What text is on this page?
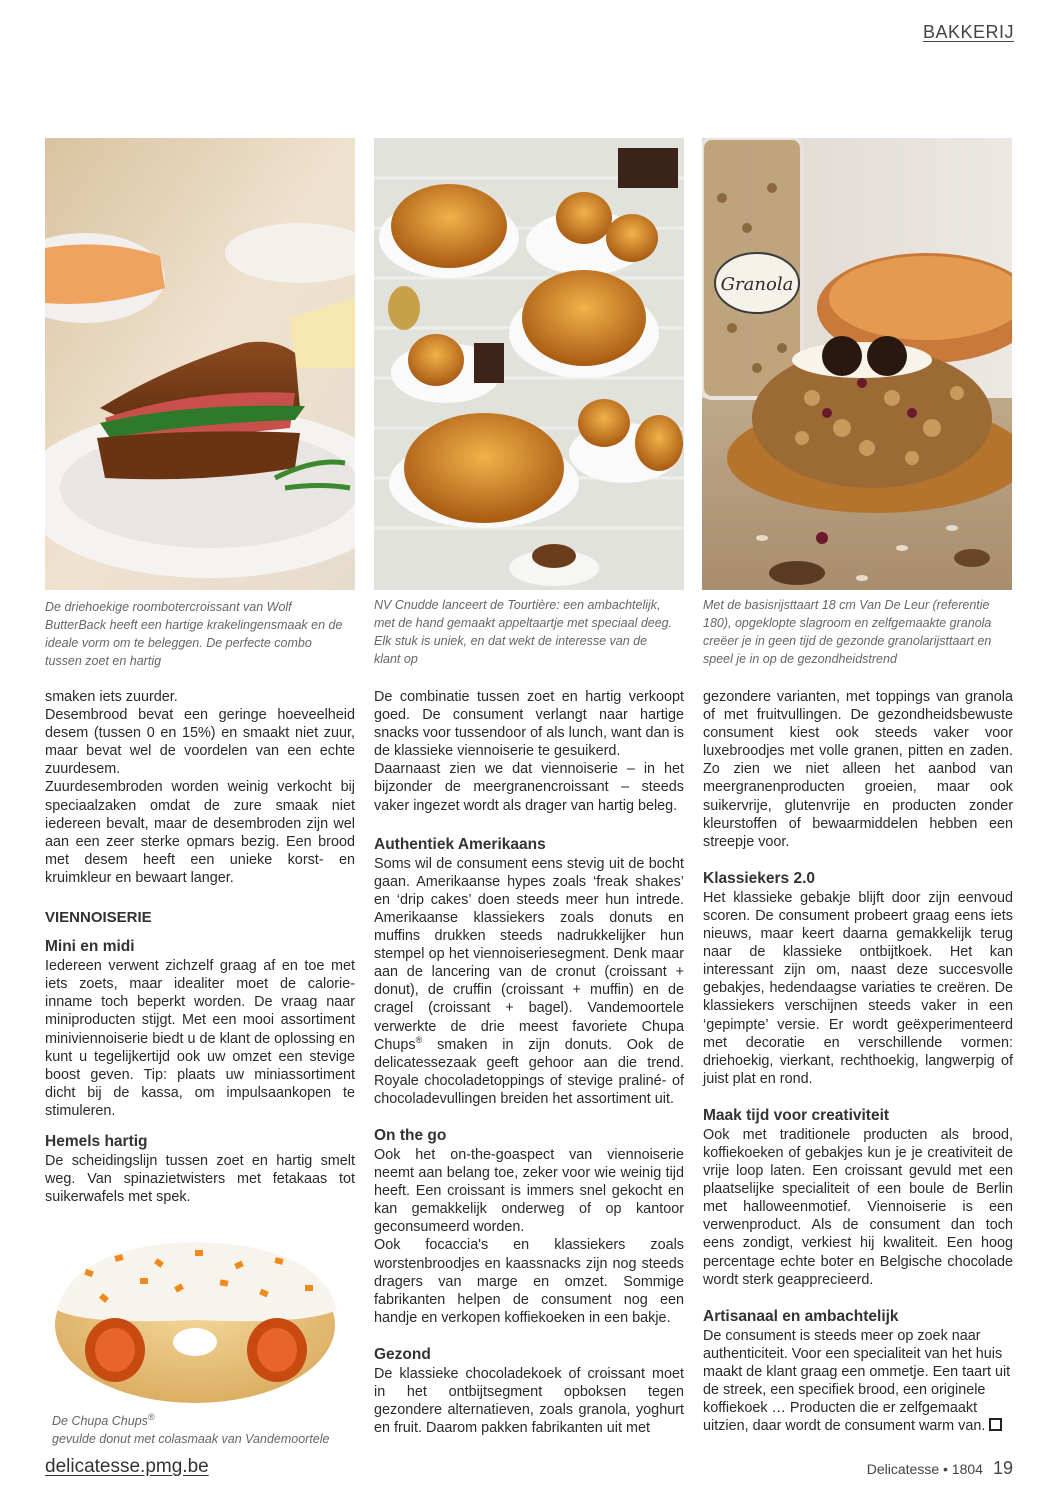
BAKKERIJ
De driehoekige roombotercroissant van Wolf ButterBack heeft een hartige krakelingensmaak en de ideale vorm om te beleggen. De perfecte combo tussen zoet en hartig
NV Cnudde lanceert de Tourtière: een ambachtelijk, met de hand gemaakt appeltaartje met speciaal deeg. Elk stuk is uniek, en dat wekt de interesse van de klant op
Granola
Met de basisrijsttaart 18 cm Van De Leur (referentie 180), opgeklopte slagroom en zelfgemaakte granola creëer je in geen tijd de gezonde granolarijsttaart en speel je in op de gezondheidstrend

smaken iets zuurder.

Desembrood bevat een geringe hoeveelheid desem (tussen 0 en 15%) en smaakt niet zuur, maar bevat wel de voordelen van een echte zuurdesem.

Zuurdesembroden worden weinig verkocht bij speciaalzaken omdat de zure smaak niet iedereen bevalt, maar de desembroden zijn wel aan een zeer sterke opmars bezig. Een brood met desem heeft een unieke korst- en kruimkleur en bewaart langer.

VIENNOISERIE
Mini en midi

Iedereen verwent zichzelf graag af en toe met iets zoets, maar idealiter moet de calorie-inname toch beperkt worden. De vraag naar miniproducten stijgt. Met een mooi assortiment miniviennoiserie biedt u de klant de oplossing en kunt u tegelijkertijd ook uw omzet een stevige boost geven. Tip: plaats uw miniassortiment dicht bij de kassa, om impulsaankopen te stimuleren.

Hemels hartig

De scheidingslijn tussen zoet en hartig smelt weg. Van spinazietwisters met fetakaas tot suikerwafels met spek.

De Chupa Chups®
gevulde donut met colasmaak van Vandemoortele

De combinatie tussen zoet en hartig verkoopt goed. De consument verlangt naar hartige snacks voor tussendoor of als lunch, want dan is de klassieke viennoiserie te gesuikerd.

Daarnaast zien we dat viennoiserie – in het bijzonder de meergranencroissant – steeds vaker ingezet wordt als drager van hartig beleg.

Authentiek Amerikaans

Soms wil de consument eens stevig uit de bocht gaan. Amerikaanse hypes zoals ‘freak shakes’ en ‘drip cakes’ doen steeds meer hun intrede. Amerikaanse klassiekers zoals donuts en muffins drukken steeds nadrukkelijker hun stempel op het viennoiseriesegment. Denk maar aan de lancering van de cronut (croissant + donut), de cruffin (croissant + muffin) en de cragel (croissant + bagel). Vandemoortele verwerkte de drie meest favoriete Chupa Chups® smaken in zijn donuts. Ook de delicatessezaak geeft gehoor aan die trend. Royale chocoladetoppings of stevige praliné- of chocoladevullingen breiden het assortiment uit.

On the go

Ook het on-the-goaspect van viennoiserie neemt aan belang toe, zeker voor wie weinig tijd heeft. Een croissant is immers snel gekocht en kan gemakkelijk onderweg of op kantoor geconsumeerd worden.

Ook focaccia's en klassiekers zoals worstenbroodjes en kaassnacks zijn nog steeds dragers van marge en omzet. Sommige fabrikanten helpen de consument nog een handje en verkopen koffiekoeken in een bakje.

Gezond

De klassieke chocoladekoek of croissant moet in het ontbijtsegment opboksen tegen gezondere alternatieven, zoals granola, yoghurt en fruit. Daarom pakken fabrikanten uit met

gezondere varianten, met toppings van granola of met fruitvullingen. De gezondheidsbewuste consument kiest ook steeds vaker voor luxebroodjes met volle granen, pitten en zaden. Zo zien we niet alleen het aanbod van meergranenproducten groeien, maar ook suikervrije, glutenvrije en producten zonder kleurstoffen of bewaarmiddelen hebben een streepje voor.

Klassiekers 2.0

Het klassieke gebakje blijft door zijn eenvoud scoren. De consument probeert graag eens iets nieuws, maar keert daarna gemakkelijk terug naar de klassieke ontbijtkoek. Het kan interessant zijn om, naast deze succesvolle gebakjes, hedendaagse variaties te creëren. De klassiekers verschijnen steeds vaker in een ‘gepimpte’ versie. Er wordt geëxperimenteerd met decoratie en verschillende vormen: driehoekig, vierkant, rechthoekig, langwerpig of juist plat en rond.

Maak tijd voor creativiteit

Ook met traditionele producten als brood, koffiekoeken of gebakjes kun je je creativiteit de vrije loop laten. Een croissant gevuld met een plaatselijke specialiteit of een boule de Berlin met halloweenmotief. Viennoiserie is een verwenproduct. Als de consument dan toch eens zondigt, verkiest hij kwaliteit. Een hoog percentage echte boter en Belgische chocolade wordt sterk geapprecieerd.

Artisanaal en ambachtelijk

De consument is steeds meer op zoek naar authenticiteit. Voor een specialiteit van het huis maakt de klant graag een ommetje. Een taart uit de streek, een specifiek brood, een originele koffiekoek … Producten die er zelfgemaakt uitzien, daar wordt de consument warm van.

delicatesse.pmg.be	Delicatesse • 1804 19
